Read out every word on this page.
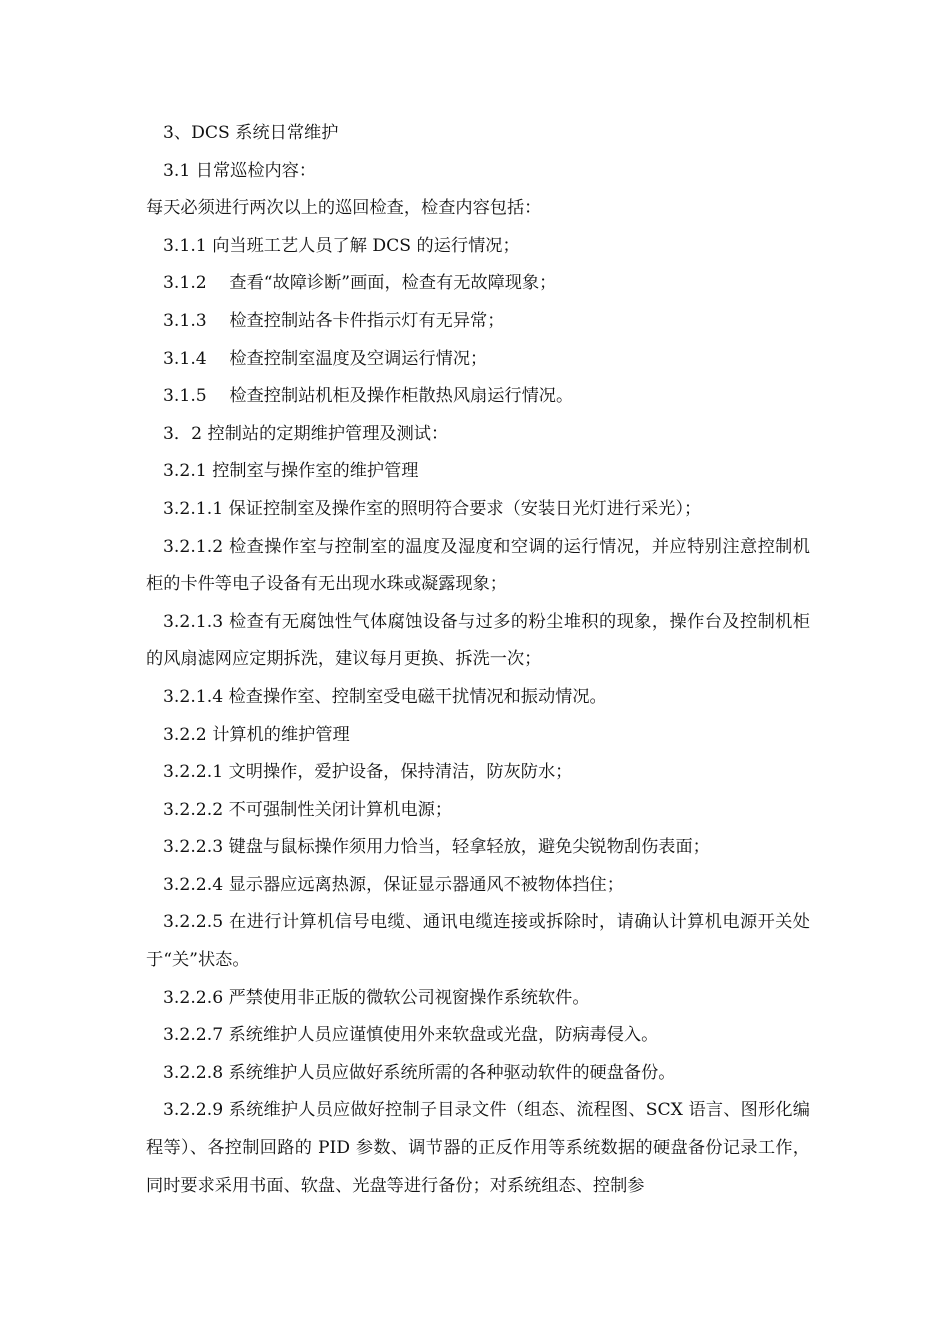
3、DCS 系统日常维护

3.1 日常巡检内容：

每天必须进行两次以上的巡回检查，检查内容包括：

3.1.1 向当班工艺人员了解 DCS 的运行情况；

3.1.2　 查看“故障诊断”画面，检查有无故障现象；

3.1.3　 检查控制站各卡件指示灯有无异常；

3.1.4　 检查控制室温度及空调运行情况；

3.1.5　 检查控制站机柜及操作柜散热风扇运行情况。

3．2 控制站的定期维护管理及测试：

3.2.1 控制室与操作室的维护管理

3.2.1.1 保证控制室及操作室的照明符合要求（安装日光灯进行采光）；

3.2.1.2 检查操作室与控制室的温度及湿度和空调的运行情况，并应特别注意控制机柜的卡件等电子设备有无出现水珠或凝露现象；

3.2.1.3 检查有无腐蚀性气体腐蚀设备与过多的粉尘堆积的现象，操作台及控制机柜的风扇滤网应定期拆洗，建议每月更换、拆洗一次；

3.2.1.4 检查操作室、控制室受电磁干扰情况和振动情况。

3.2.2 计算机的维护管理

3.2.2.1 文明操作，爱护设备，保持清洁，防灰防水；

3.2.2.2 不可强制性关闭计算机电源；

3.2.2.3 键盘与鼠标操作须用力恰当，轻拿轻放，避免尖锐物刮伤表面；

3.2.2.4 显示器应远离热源，保证显示器通风不被物体挡住；

3.2.2.5 在进行计算机信号电缆、通讯电缆连接或拆除时，请确认计算机电源开关处于“关”状态。

3.2.2.6 严禁使用非正版的微软公司视窗操作系统软件。

3.2.2.7 系统维护人员应谨慎使用外来软盘或光盘，防病毒侵入。

3.2.2.8 系统维护人员应做好系统所需的各种驱动软件的硬盘备份。

3.2.2.9 系统维护人员应做好控制子目录文件（组态、流程图、SCX 语言、图形化编程等）、各控制回路的 PID 参数、调节器的正反作用等系统数据的硬盘备份记录工作，同时要求采用书面、软盘、光盘等进行备份；对系统组态、控制参
